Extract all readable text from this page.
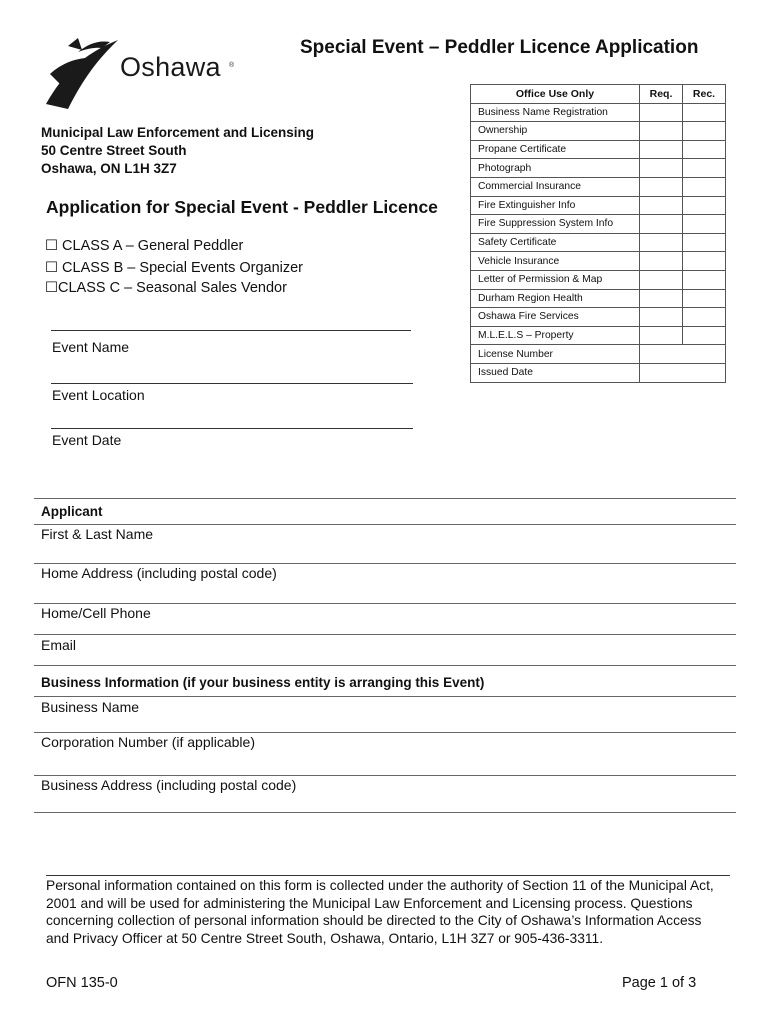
Oshawa ®
Special Event – Peddler Licence Application
Municipal Law Enforcement and Licensing
50 Centre Street South
Oshawa, ON L1H 3Z7
Application for Special Event - Peddler Licence
☐ CLASS A – General Peddler
☐ CLASS B – Special Events Organizer
☐CLASS C – Seasonal Sales Vendor
Event Name
Event Location
Event Date
Office Use Only	Req.	Rec.
Business Name Registration		
Ownership		
Propane Certificate		
Photograph		
Commercial Insurance		
Fire Extinguisher Info		
Fire Suppression System Info		
Safety Certificate		
Vehicle Insurance		
Letter of Permission & Map		
Durham Region Health		
Oshawa Fire Services		
M.L.E.L.S – Property		
License Number		
Issued Date		
Applicant
First & Last Name
Home Address (including postal code)
Home/Cell Phone
Email
Business Information (if your business entity is arranging this Event)
Business Name
Corporation Number (if applicable)
Business Address (including postal code)
Personal information contained on this form is collected under the authority of Section 11 of the Municipal Act, 2001 and will be used for administering the Municipal Law Enforcement and Licensing process. Questions concerning collection of personal information should be directed to the City of Oshawa’s Information Access and Privacy Officer at 50 Centre Street South, Oshawa, Ontario, L1H 3Z7 or 905-436-3311.
OFN 135-0	Page 1 of 3
